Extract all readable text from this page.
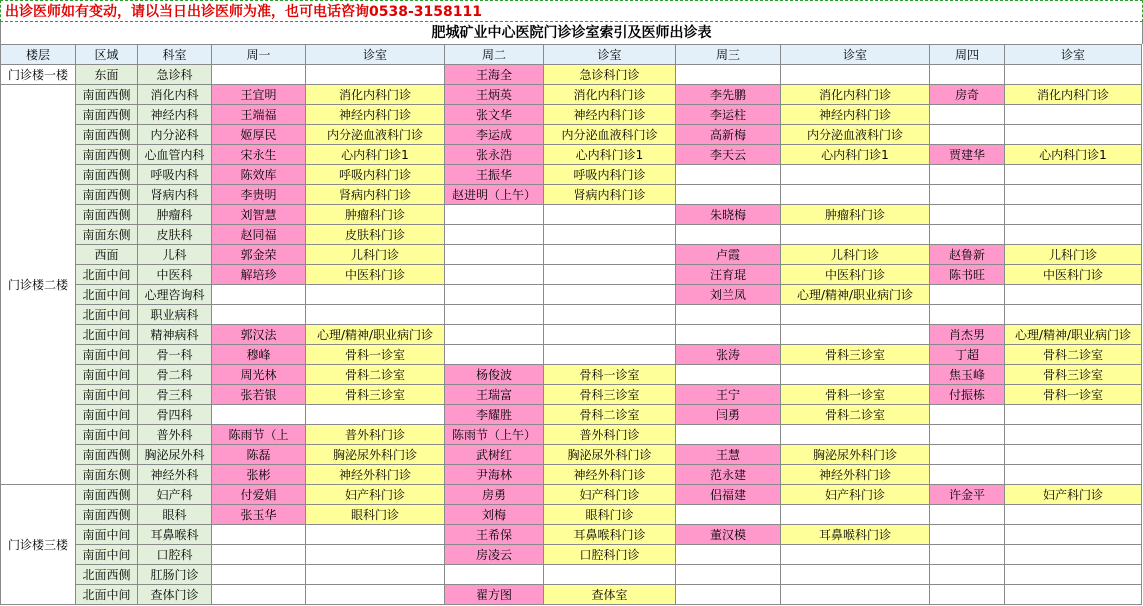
出诊医师如有变动，请以当日出诊医师为准，也可电话咨询0538-3158111
肥城矿业中心医院门诊诊室索引及医师出诊表
楼层	区域	科室	周一	诊室	周二	诊室	周三	诊室	周四	诊室
门诊楼一楼	东面	急诊科			王海全	急诊科门诊				
门诊楼二楼	南面西侧	消化内科	王宜明	消化内科门诊	王炳英	消化内科门诊	李先鹏	消化内科门诊	房奇	消化内科门诊
	南面西侧	神经内科	王端福	神经内科门诊	张文华	神经内科门诊	李运柱	神经内科门诊		
	南面西侧	内分泌科	姬厚民	内分泌血液科门诊	李运成	内分泌血液科门诊	高新梅	内分泌血液科门诊		
	南面西侧	心血管内科	宋永生	心内科门诊1	张永浩	心内科门诊1	李天云	心内科门诊1	贾建华	心内科门诊1
	南面西侧	呼吸内科	陈效库	呼吸内科门诊	王振华	呼吸内科门诊				
	南面西侧	肾病内科	李贵明	肾病内科门诊	赵进明（上午）	肾病内科门诊				
	南面西侧	肿瘤科	刘智慧	肿瘤科门诊			朱晓梅	肿瘤科门诊		
	南面东侧	皮肤科	赵同福	皮肤科门诊						
	西面	儿科	郭金荣	儿科门诊			卢霞	儿科门诊	赵鲁新	儿科门诊
	北面中间	中医科	解培珍	中医科门诊			汪育琨	中医科门诊	陈书旺	中医科门诊
	北面中间	心理咨询科					刘兰凤	心理/精神/职业病门诊		
	北面中间	职业病科								
	北面中间	精神病科	郭汉法	心理/精神/职业病门诊					肖杰男	心理/精神/职业病门诊
	南面中间	骨一科	穆峰	骨科一诊室			张涛	骨科三诊室	丁超	骨科二诊室
	南面中间	骨二科	周光林	骨科二诊室	杨俊波	骨科一诊室			焦玉峰	骨科三诊室
	南面中间	骨三科	张若银	骨科三诊室	王瑞富	骨科三诊室	王宁	骨科一诊室	付振栋	骨科一诊室
	南面中间	骨四科			李耀胜	骨科二诊室	闫勇	骨科二诊室		
	南面中间	普外科	陈雨节（上	普外科门诊	陈雨节（上午）	普外科门诊				
	南面西侧	胸泌尿外科	陈磊	胸泌尿外科门诊	武树红	胸泌尿外科门诊	王慧	胸泌尿外科门诊		
	南面东侧	神经外科	张彬	神经外科门诊	尹海林	神经外科门诊	范永建	神经外科门诊		
门诊楼三楼	南面西侧	妇产科	付爱娟	妇产科门诊	房勇	妇产科门诊	侣福建	妇产科门诊	许金平	妇产科门诊
	南面西侧	眼科	张玉华	眼科门诊	刘梅	眼科门诊				
	南面中间	耳鼻喉科			王希保	耳鼻喉科门诊	董汉模	耳鼻喉科门诊		
	南面中间	口腔科			房凌云	口腔科门诊				
	北面西侧	肛肠门诊								
	北面中间	查体门诊			翟方图	查体室				
